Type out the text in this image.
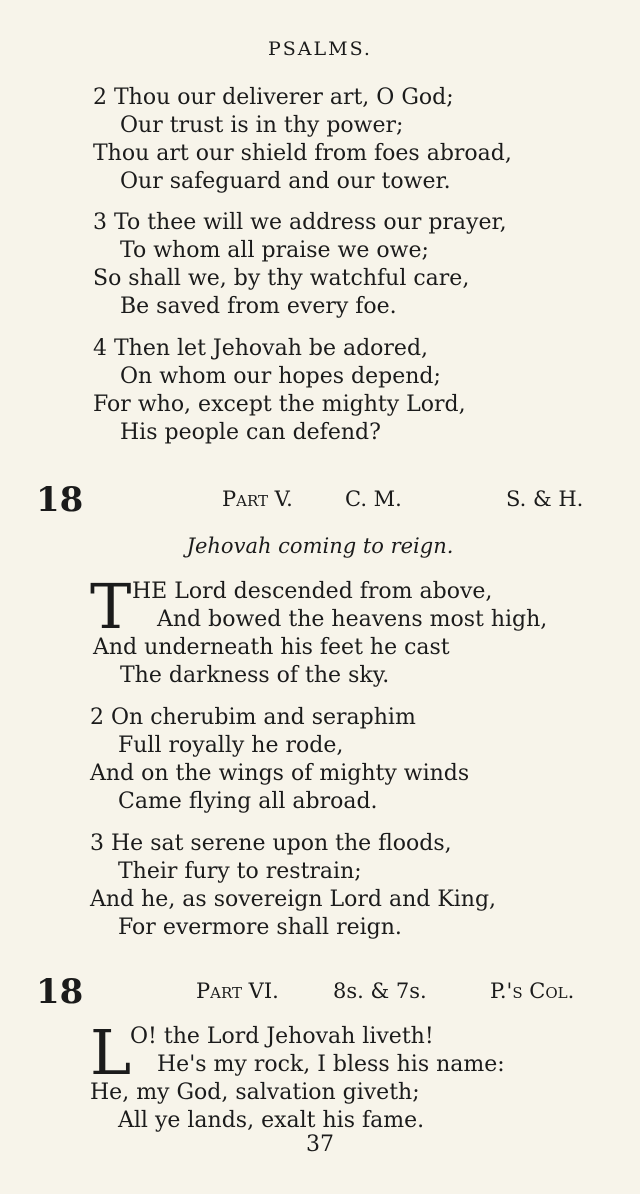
PSALMS.
2 Thou our deliverer art, O God;
Our trust is in thy power;
Thou art our shield from foes abroad,
Our safeguard and our tower.
3 To thee will we address our prayer,
To whom all praise we owe;
So shall we, by thy watchful care,
Be saved from every foe.
4 Then let Jehovah be adored,
On whom our hopes depend;
For who, except the mighty Lord,
His people can defend?
18	Part V. C. M.	S. & H.
Jehovah coming to reign.
T HE Lord descended from above,
And bowed the heavens most high,
And underneath his feet he cast
The darkness of the sky.
2 On cherubim and seraphim
Full royally he rode,
And on the wings of mighty winds
Came flying all abroad.
3 He sat serene upon the floods,
Their fury to restrain;
And he, as sovereign Lord and King,
For evermore shall reign.
18	Part VI.	8s. & 7s.	P.'s Col.
L
O! the Lord Jehovah liveth!
He's my rock, I bless his name:
He, my God, salvation giveth;
All ye lands, exalt his fame.
37
